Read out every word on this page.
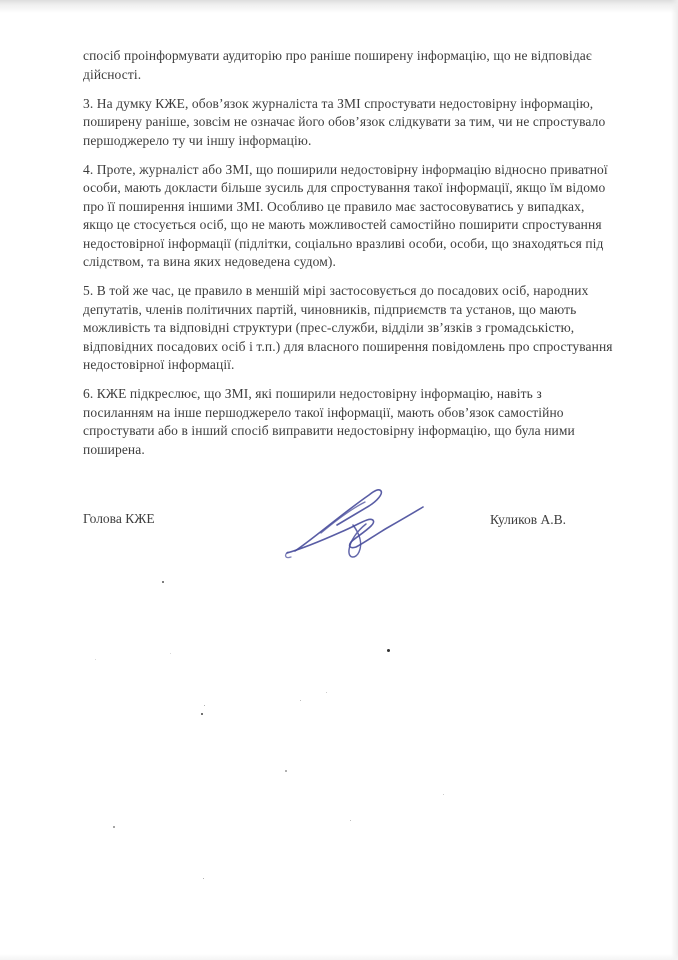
спосіб проінформувати аудиторію про раніше поширену інформацію, що не відповідає дійсності.

3. На думку КЖЕ, обов’язок журналіста та ЗМІ спростувати недостовірну інформацію, поширену раніше, зовсім не означає його обов’язок слідкувати за тим, чи не спростувало першоджерело ту чи іншу інформацію.

4. Проте, журналіст або ЗМІ, що поширили недостовірну інформацію відносно приватної особи, мають докласти більше зусиль для спростування такої інформації, якщо їм відомо про її поширення іншими ЗМІ. Особливо це правило має застосовуватись у випадках, якщо це стосується осіб, що не мають можливостей самостійно поширити спростування недостовірної інформації (підлітки, соціально вразливі особи, особи, що знаходяться під слідством, та вина яких недоведена судом).

5. В той же час, це правило в меншій мірі застосовується до посадових осіб, народних депутатів, членів політичних партій, чиновників, підприємств та установ, що мають можливість та відповідні структури (прес-служби, відділи зв’язків з громадськістю, відповідних посадових осіб і т.п.) для власного поширення повідомлень про спростування недостовірної інформації.

6. КЖЕ підкреслює, що ЗМІ, які поширили недостовірну інформацію, навіть з посиланням на інше першоджерело такої інформації, мають обов’язок самостійно спростувати або в інший спосіб виправити недостовірну інформацію, що була ними поширена.

Голова КЖЕ	Куликов А.В.
